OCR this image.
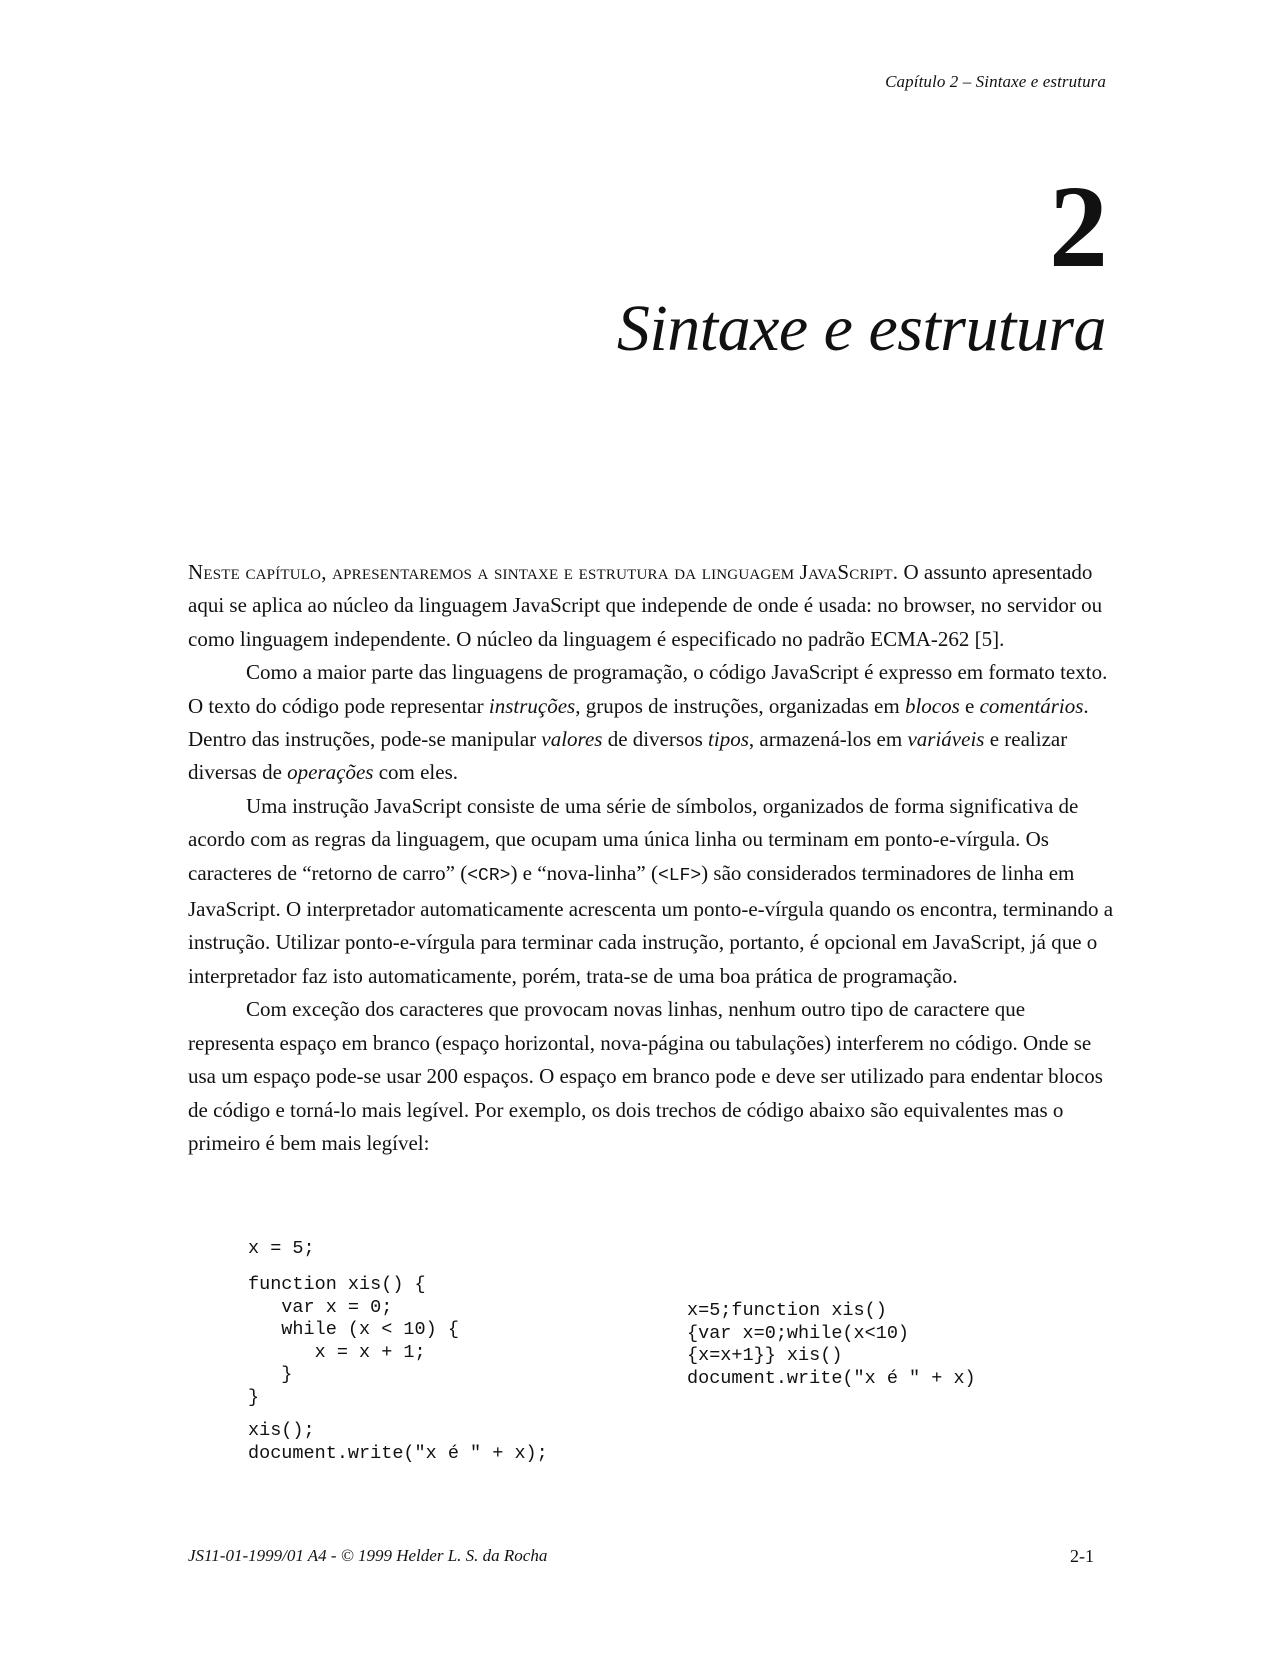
Capítulo 2 – Sintaxe e estrutura
2
Sintaxe e estrutura

Neste capítulo, apresentaremos a sintaxe e estrutura da linguagem JavaScript. O assunto apresentado aqui se aplica ao núcleo da linguagem JavaScript que independe de onde é usada: no browser, no servidor ou como linguagem independente. O núcleo da linguagem é especificado no padrão ECMA-262 [5].

Como a maior parte das linguagens de programação, o código JavaScript é expresso em formato texto. O texto do código pode representar instruções, grupos de instruções, organizadas em blocos e comentários. Dentro das instruções, pode-se manipular valores de diversos tipos, armazená-los em variáveis e realizar diversas de operações com eles.

Uma instrução JavaScript consiste de uma série de símbolos, organizados de forma significativa de acordo com as regras da linguagem, que ocupam uma única linha ou terminam em ponto-e-vírgula. Os caracteres de “retorno de carro” (<CR>) e “nova-linha” (<LF>) são considerados terminadores de linha em JavaScript. O interpretador automaticamente acrescenta um ponto-e-vírgula quando os encontra, terminando a instrução. Utilizar ponto-e-vírgula para terminar cada instrução, portanto, é opcional em JavaScript, já que o interpretador faz isto automaticamente, porém, trata-se de uma boa prática de programação.

Com exceção dos caracteres que provocam novas linhas, nenhum outro tipo de caractere que representa espaço em branco (espaço horizontal, nova-página ou tabulações) interferem no código. Onde se usa um espaço pode-se usar 200 espaços. O espaço em branco pode e deve ser utilizado para endentar blocos de código e torná-lo mais legível. Por exemplo, os dois trechos de código abaixo são equivalentes mas o primeiro é bem mais legível:

x = 5;
function xis() {
var x = 0;
while (x < 10) {
x = x + 1;
}
}
xis();
document.write("x é " + x);
x=5;function xis()
{var x=0;while(x<10)
{x=x+1}} xis()
document.write("x é " + x)
JS11-01-1999/01 A4 - © 1999 Helder L. S. da Rocha	2-1
